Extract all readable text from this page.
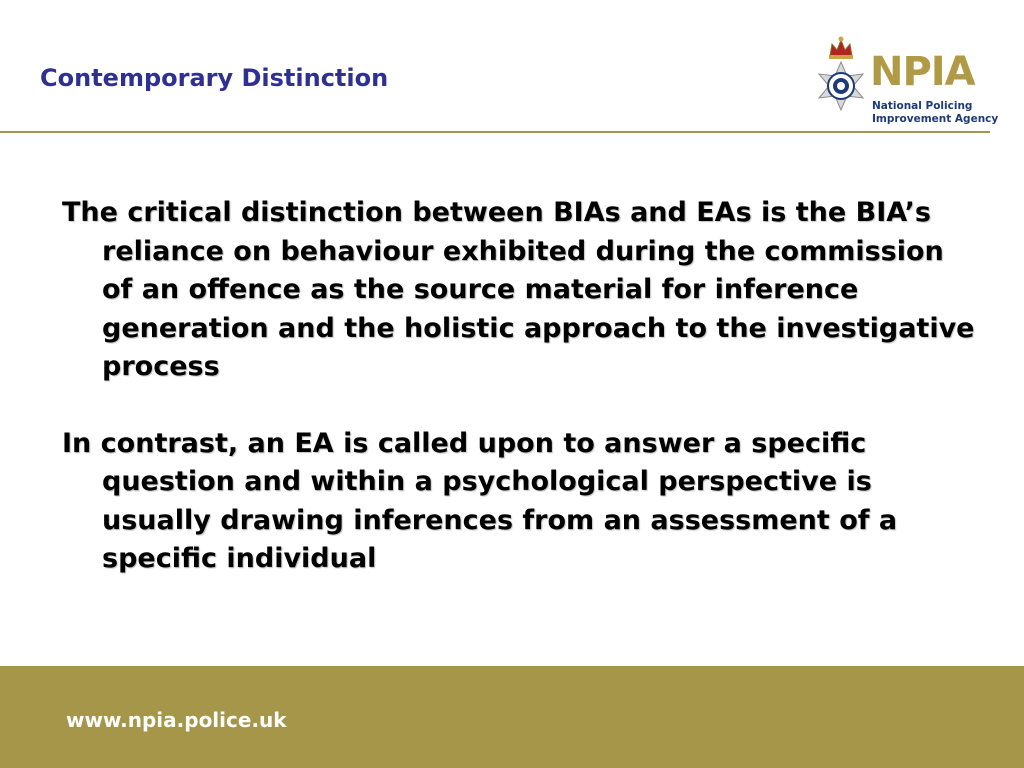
Contemporary Distinction	NPIA
National Policing
Improvement Agency

The critical distinction between BIAs and EAs is the BIA’s reliance on behaviour exhibited during the commission of an offence as the source material for inference generation and the holistic approach to the investigative process

In contrast, an EA is called upon to answer a specific question and within a psychological perspective is usually drawing inferences from an assessment of a specific individual

www.npia.police.uk
